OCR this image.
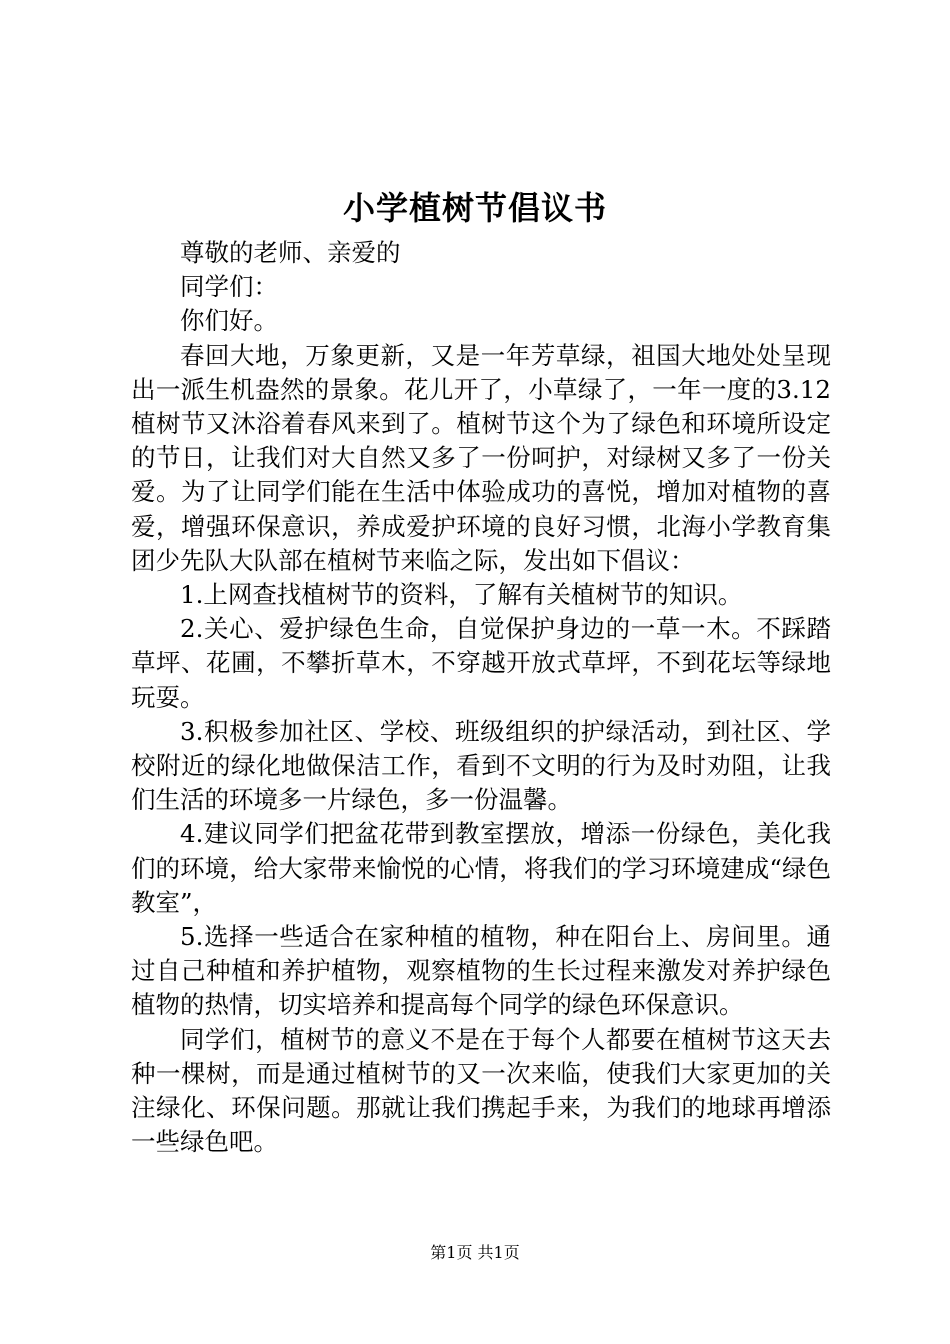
小学植树节倡议书

尊敬的老师、亲爱的

同学们：

你们好。

春回大地，万象更新，又是一年芳草绿，祖国大地处处呈现出一派生机盎然的景象。花儿开了，小草绿了，一年一度的3.12植树节又沐浴着春风来到了。植树节这个为了绿色和环境所设定的节日，让我们对大自然又多了一份呵护，对绿树又多了一份关爱。为了让同学们能在生活中体验成功的喜悦，增加对植物的喜爱，增强环保意识，养成爱护环境的良好习惯，北海小学教育集团少先队大队部在植树节来临之际，发出如下倡议：

1.上网查找植树节的资料，了解有关植树节的知识。

2.关心、爱护绿色生命，自觉保护身边的一草一木。不踩踏草坪、花圃，不攀折草木，不穿越开放式草坪，不到花坛等绿地玩耍。

3.积极参加社区、学校、班级组织的护绿活动，到社区、学校附近的绿化地做保洁工作，看到不文明的行为及时劝阻，让我们生活的环境多一片绿色，多一份温馨。

4.建议同学们把盆花带到教室摆放，增添一份绿色，美化我们的环境，给大家带来愉悦的心情，将我们的学习环境建成“绿色教室”，

5.选择一些适合在家种植的植物，种在阳台上、房间里。通过自己种植和养护植物，观察植物的生长过程来激发对养护绿色植物的热情，切实培养和提高每个同学的绿色环保意识。

同学们，植树节的意义不是在于每个人都要在植树节这天去种一棵树，而是通过植树节的又一次来临，使我们大家更加的关注绿化、环保问题。那就让我们携起手来，为我们的地球再增添一些绿色吧。

第1页 共1页
